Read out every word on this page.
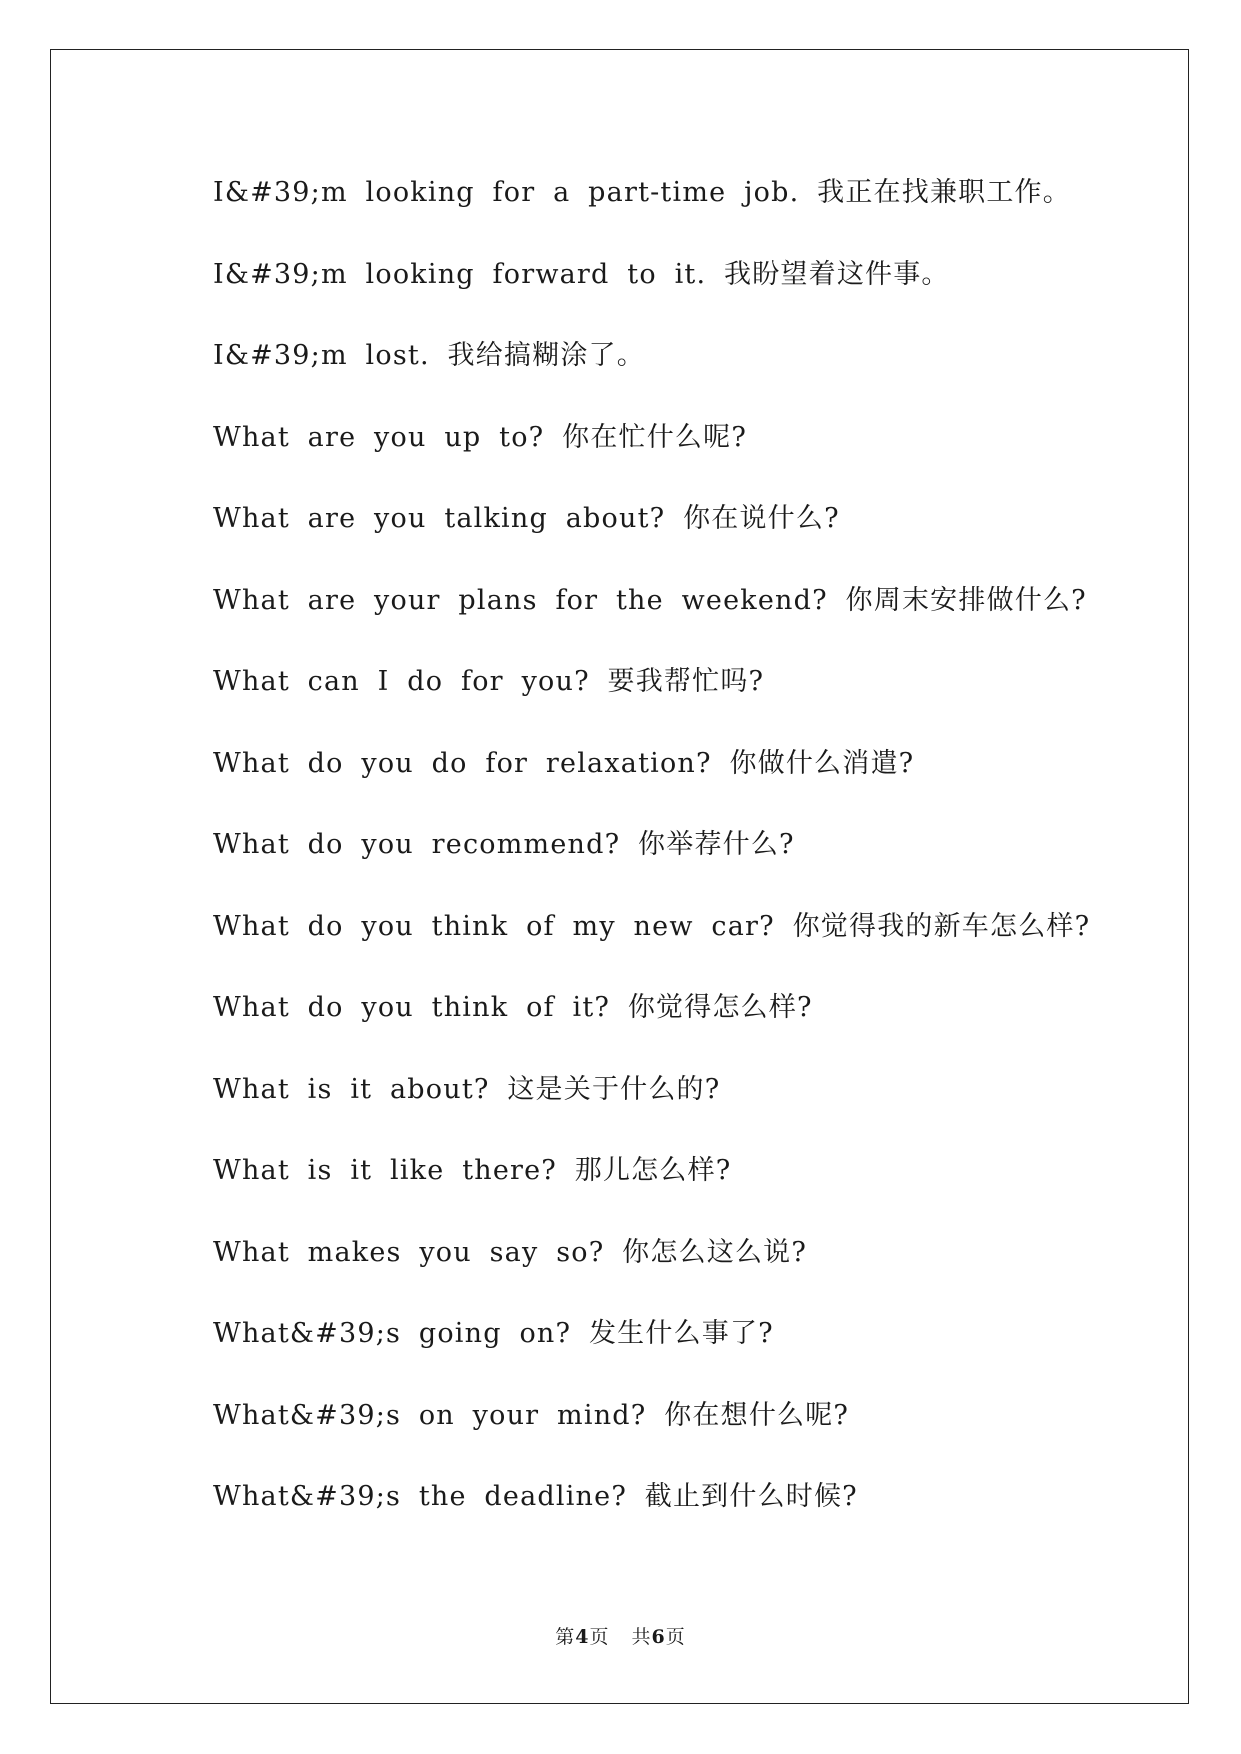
I&#39;m looking for a part-time job. 我正在找兼职工作。
I&#39;m looking forward to it. 我盼望着这件事。
I&#39;m lost. 我给搞糊涂了。
What are you up to? 你在忙什么呢?
What are you talking about? 你在说什么?
What are your plans for the weekend? 你周末安排做什么?
What can I do for you? 要我帮忙吗?
What do you do for relaxation? 你做什么消遣?
What do you recommend? 你举荐什么?
What do you think of my new car? 你觉得我的新车怎么样?
What do you think of it? 你觉得怎么样?
What is it about? 这是关于什么的?
What is it like there? 那儿怎么样?
What makes you say so? 你怎么这么说?
What&#39;s going on? 发生什么事了?
What&#39;s on your mind? 你在想什么呢?
What&#39;s the deadline? 截止到什么时候?
第4页 共6页
